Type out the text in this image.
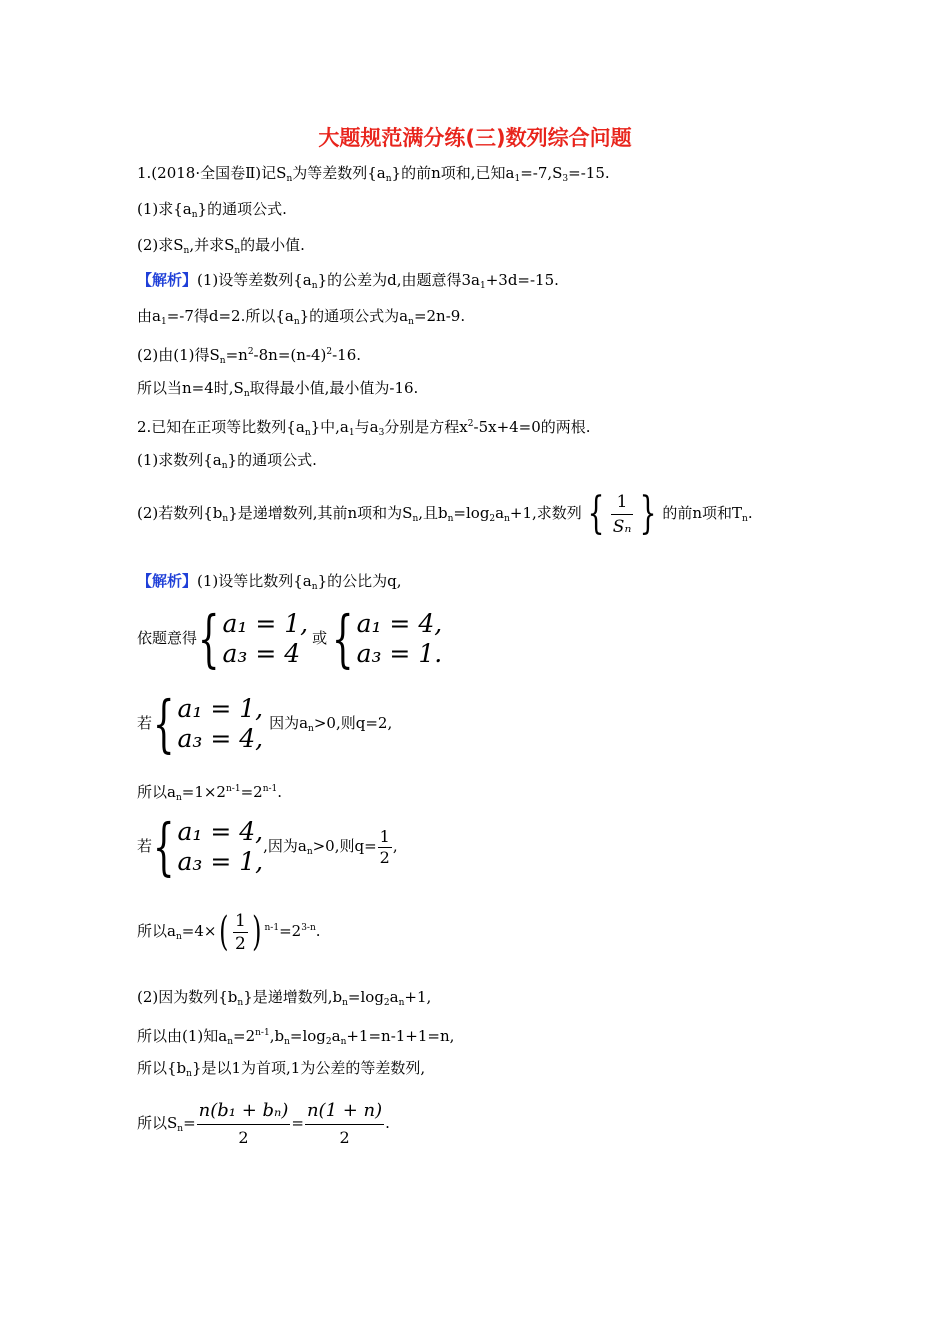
大题规范满分练(三)数列综合问题
1.(2018·全国卷Ⅱ)记$S_n$为等差数列$\{a_n\}$的前n项和,已知$a_1=-7,S_3=-15$.
(1)求$\{a_n\}$的通项公式.
(2)求$S_n$,并求$S_n$的最小值.
【解析】(1)设等差数列$\{a_n\}$的公差为d,由题意得$3a_1+3d=-15$.
由$a_1=-7$得d=2.所以$\{a_n\}$的通项公式为$a_n=2n-9$.
(2)由(1)得$S_n=n^2-8n=(n-4)^2-16$.
所以当n=4时$,S_n$取得最小值,最小值为-16.
2.已知在正项等比数列$\{a_n\}$中$,a_1$与$a_3$分别是方程$x^2-5x+4=0$的两根.
(1)求数列$\{a_n\}$的通项公式.
(2)若数列$\{b_n\}$是递增数列,其前n项和为$S_n$,且$b_n=\log_2a_n+1$,求数列 { $\frac{1}{\text{Sₙ}}$ } 的前n项和$T_n$.
【解析】(1)设等比数列$\{a_n\}$的公比为q,
依题意得{ a₁ = 1,
a₃ = 4
或{ a₁ = 4,
a₃ = 1.
若{ a₁ = 1,
a₃ = 4,
因为$a_n>0$,则q=2,
所以$a_n=1\times 2^{n-1}=2^{n-1}$.
若{ a₁ = 4,
a₃ = 1,
,因为$a_n>0$,则$q= \frac{1}{2}$ ,
所以$a_n=4\times( \frac{1}{2}$ ) $^{n-1}=2^{3-n}$.
(2)因为数列$\{b_n\}$是递增数列$,b_n=\log_2a_n+1$,
所以由(1)知$a_n=2^{n-1},b_n=\log_2a_n+1=n-1+1=n$,
所以$\{b_n\}$是以1为首项,1为公差的等差数列,
所以$S_n= \frac{\text{n(b₁ + bₙ)}}{2} = \frac{n(1 + n)}{2}$ .
